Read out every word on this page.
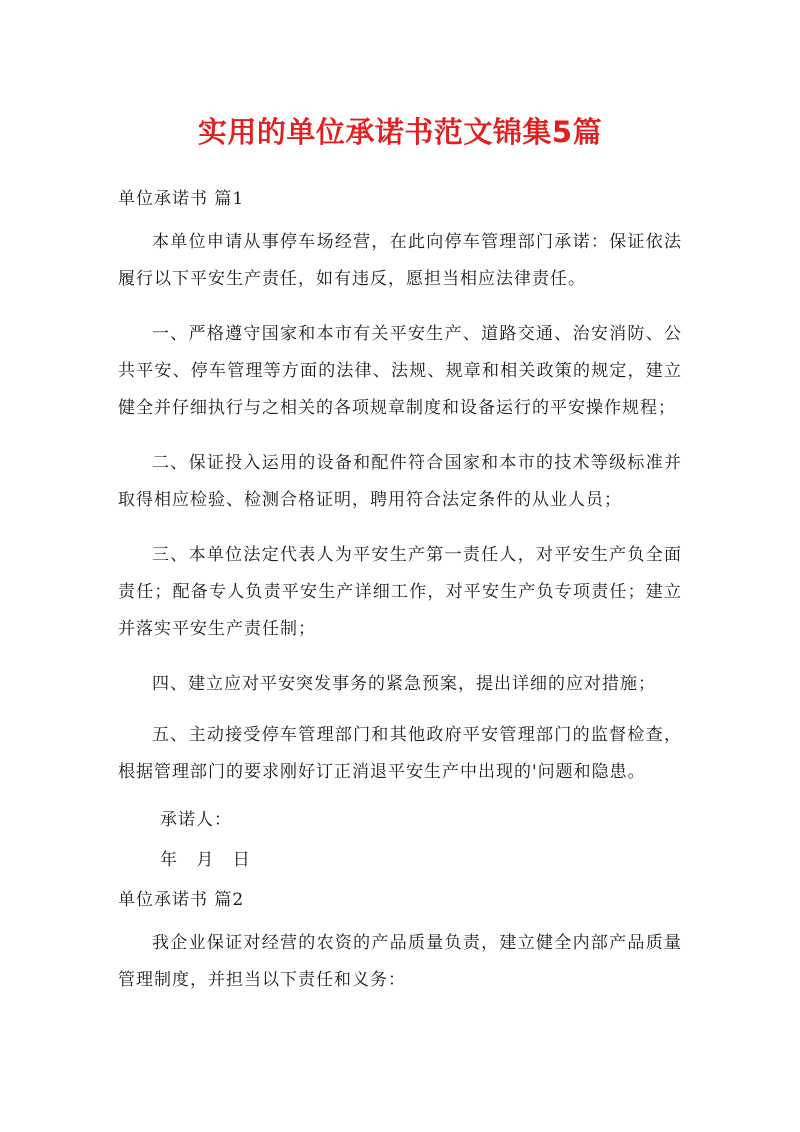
实用的单位承诺书范文锦集5篇

单位承诺书 篇1

本单位申请从事停车场经营，在此向停车管理部门承诺：保证依法履行以下平安生产责任，如有违反，愿担当相应法律责任。

一、严格遵守国家和本市有关平安生产、道路交通、治安消防、公共平安、停车管理等方面的法律、法规、规章和相关政策的规定，建立健全并仔细执行与之相关的各项规章制度和设备运行的平安操作规程；

二、保证投入运用的设备和配件符合国家和本市的技术等级标准并取得相应检验、检测合格证明，聘用符合法定条件的从业人员；

三、本单位法定代表人为平安生产第一责任人，对平安生产负全面责任；配备专人负责平安生产详细工作，对平安生产负专项责任；建立并落实平安生产责任制；

四、建立应对平安突发事务的紧急预案，提出详细的应对措施；

五、主动接受停车管理部门和其他政府平安管理部门的监督检查，根据管理部门的要求刚好订正消退平安生产中出现的'问题和隐患。

承诺人：

年 月 日

单位承诺书 篇2

我企业保证对经营的农资的产品质量负责，建立健全内部产品质量管理制度，并担当以下责任和义务：
